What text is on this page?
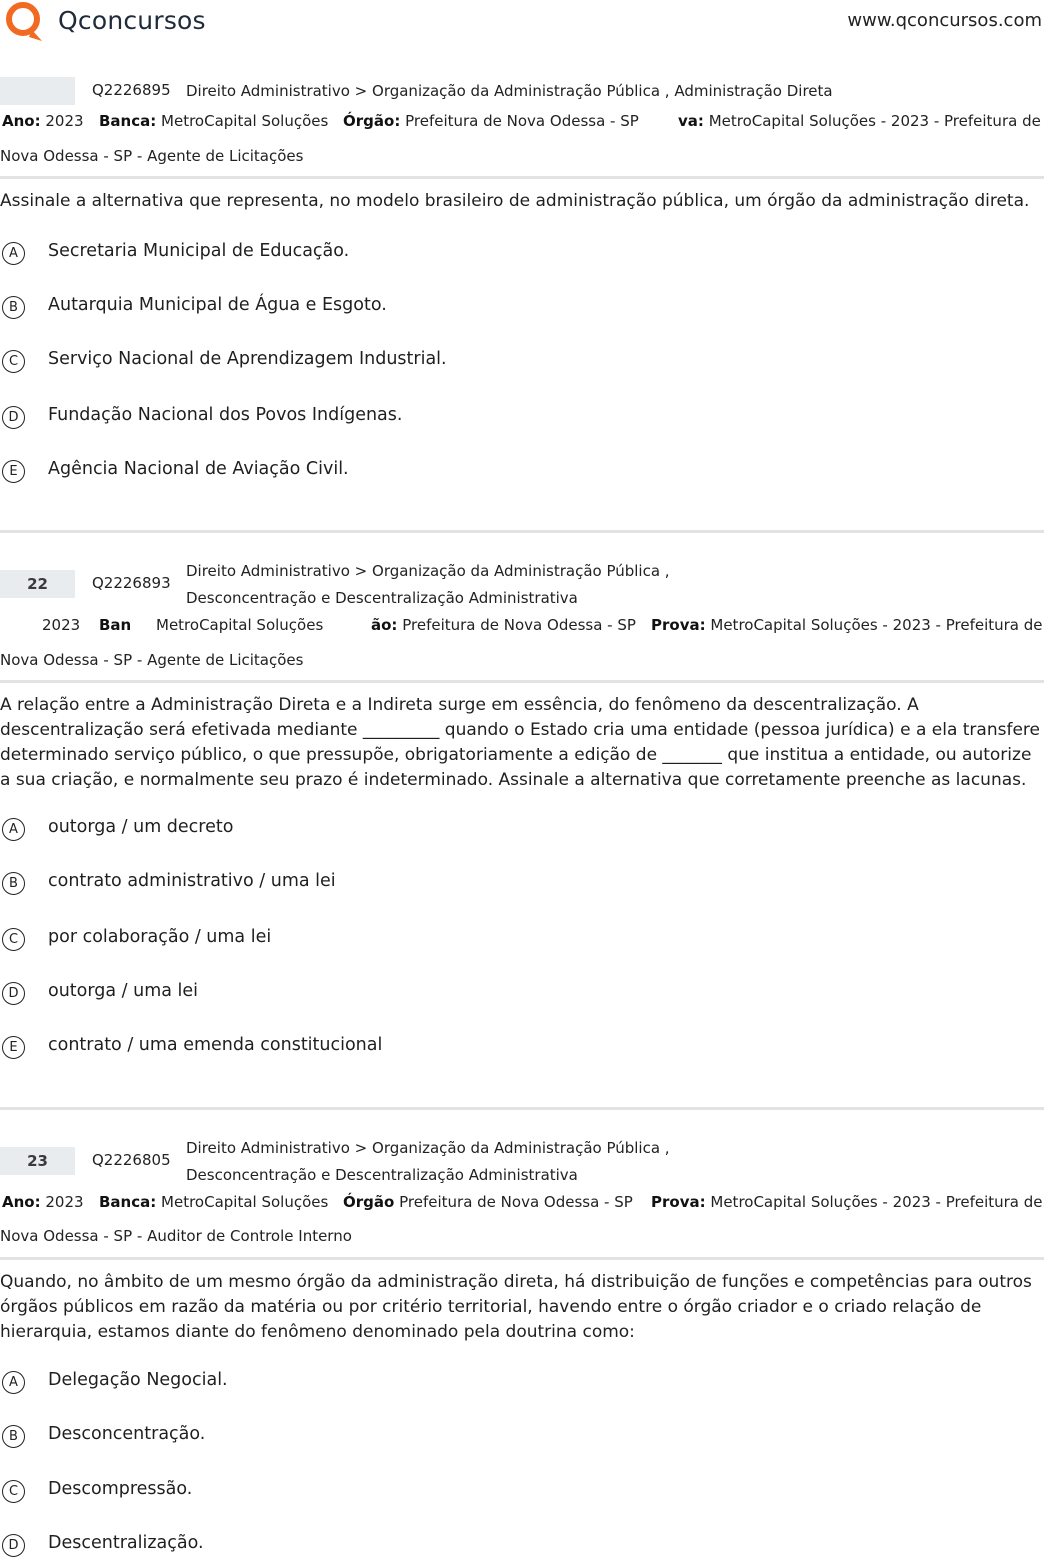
Qconcursos	www.qconcursos.com
Q2226895 Direito Administrativo > Organização da Administração Pública , Administração Direta
Ano: 2023 Banca: MetroCapital Soluções Órgão: Prefeitura de Nova Odessa - SP	va: MetroCapital Soluções - 2023 - Prefeitura de
Nova Odessa - SP - Agente de Licitações
Assinale a alternativa que representa, no modelo brasileiro de administração pública, um órgão da administração direta.
A	Secretaria Municipal de Educação.
B	Autarquia Municipal de Água e Esgoto.
C	Serviço Nacional de Aprendizagem Industrial.
D	Fundação Nacional dos Povos Indígenas.
E	Agência Nacional de Aviação Civil.
22	Q2226893
Direito Administrativo > Organização da Administração Pública ,
Desconcentração e Descentralização Administrativa
2023 Ban MetroCapital Soluções	ão: Prefeitura de Nova Odessa - SP Prova: MetroCapital Soluções - 2023 - Prefeitura de
Nova Odessa - SP - Agente de Licitações
A relação entre a Administração Direta e a Indireta surge em essência, do fenômeno da descentralização. A descentralização será efetivada mediante _________ quando o Estado cria uma entidade (pessoa jurídica) e a ela transfere determinado serviço público, o que pressupõe, obrigatoriamente a edição de _______ que institua a entidade, ou autorize a sua criação, e normalmente seu prazo é indeterminado. Assinale a alternativa que corretamente preenche as lacunas.
A	outorga / um decreto
B	contrato administrativo / uma lei
C	por colaboração / uma lei
D	outorga / uma lei
E	contrato / uma emenda constitucional
23	Q2226805
Direito Administrativo > Organização da Administração Pública ,
Desconcentração e Descentralização Administrativa
Ano: 2023 Banca: MetroCapital Soluções Órgão Prefeitura de Nova Odessa - SP Prova: MetroCapital Soluções - 2023 - Prefeitura de
Nova Odessa - SP - Auditor de Controle Interno
Quando, no âmbito de um mesmo órgão da administração direta, há distribuição de funções e competências para outros órgãos públicos em razão da matéria ou por critério territorial, havendo entre o órgão criador e o criado relação de hierarquia, estamos diante do fenômeno denominado pela doutrina como:
A	Delegação Negocial.
B	Desconcentração.
C	Descompressão.
D	Descentralização.
